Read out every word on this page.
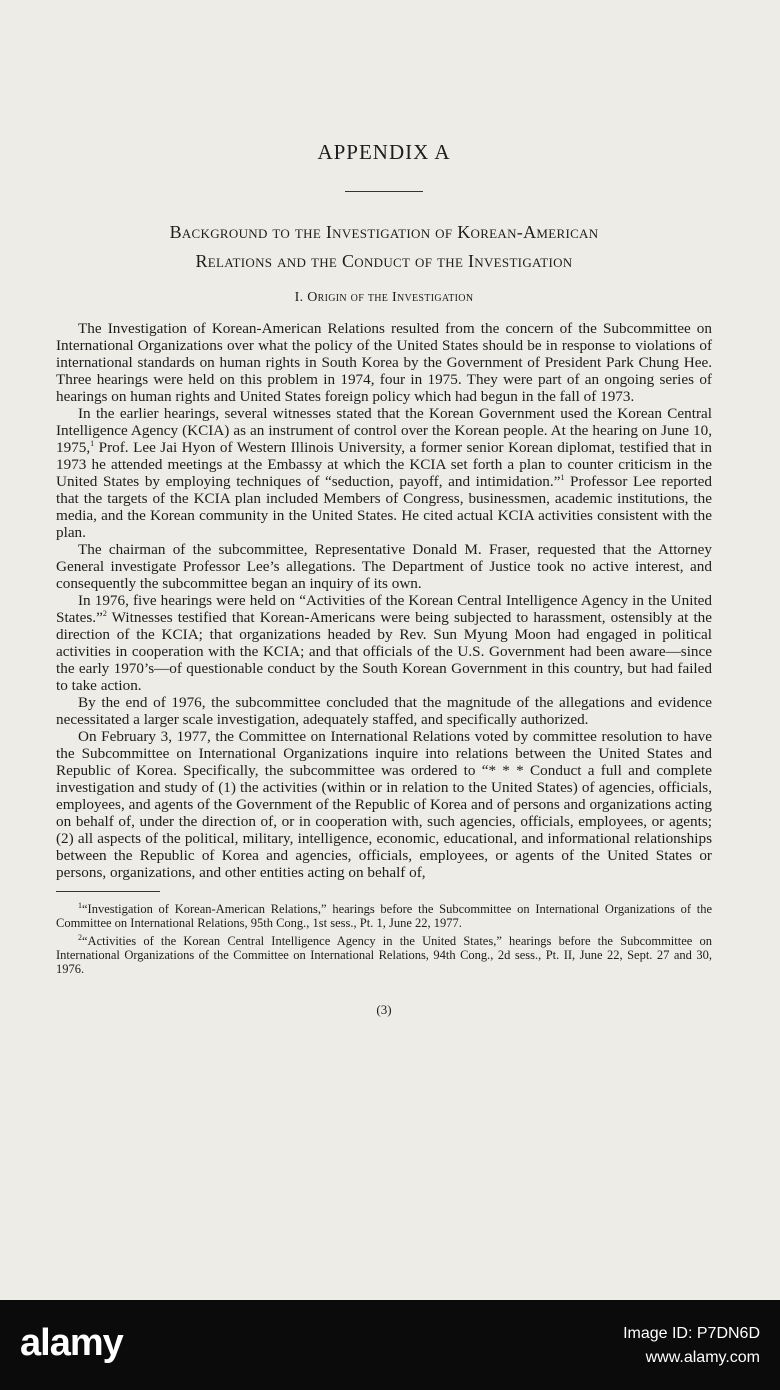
APPENDIX A
Background to the Investigation of Korean-American
Relations and the Conduct of the Investigation
I. Origin of the Investigation

The Investigation of Korean-American Relations resulted from the concern of the Subcommittee on International Organizations over what the policy of the United States should be in response to violations of international standards on human rights in South Korea by the Government of President Park Chung Hee. Three hearings were held on this problem in 1974, four in 1975. They were part of an ongoing series of hearings on human rights and United States foreign policy which had begun in the fall of 1973.

In the earlier hearings, several witnesses stated that the Korean Government used the Korean Central Intelligence Agency (KCIA) as an instrument of control over the Korean people. At the hearing on June 10, 1975,$^1$ Prof. Lee Jai Hyon of Western Illinois University, a former senior Korean diplomat, testified that in 1973 he attended meetings at the Embassy at which the KCIA set forth a plan to counter criticism in the United States by employing techniques of “seduction, payoff, and intimidation.”$^1$ Professor Lee reported that the targets of the KCIA plan included Members of Congress, businessmen, academic institutions, the media, and the Korean community in the United States. He cited actual KCIA activities consistent with the plan.

The chairman of the subcommittee, Representative Donald M. Fraser, requested that the Attorney General investigate Professor Lee’s allegations. The Department of Justice took no active interest, and consequently the subcommittee began an inquiry of its own.

In 1976, five hearings were held on “Activities of the Korean Central Intelligence Agency in the United States.”$^2$ Witnesses testified that Korean-Americans were being subjected to harassment, ostensibly at the direction of the KCIA; that organizations headed by Rev. Sun Myung Moon had engaged in political activities in cooperation with the KCIA; and that officials of the U.S. Government had been aware—since the early 1970’s—of questionable conduct by the South Korean Government in this country, but had failed to take action.

By the end of 1976, the subcommittee concluded that the magnitude of the allegations and evidence necessitated a larger scale investigation, adequately staffed, and specifically authorized.

On February 3, 1977, the Committee on International Relations voted by committee resolution to have the Subcommittee on International Organizations inquire into relations between the United States and Republic of Korea. Specifically, the subcommittee was ordered to “* * * Conduct a full and complete investigation and study of (1) the activities (within or in relation to the United States) of agencies, officials, employees, and agents of the Government of the Republic of Korea and of persons and organizations acting on behalf of, under the direction of, or in cooperation with, such agencies, officials, employees, or agents; (2) all aspects of the political, military, intelligence, economic, educational, and informational relationships between the Republic of Korea and agencies, officials, employees, or agents of the United States or persons, organizations, and other entities acting on behalf of,

$^1$“Investigation of Korean-American Relations,” hearings before the Subcommittee on International Organizations of the Committee on International Relations, 95th Cong., 1st sess., Pt. 1, June 22, 1977.

$^2$“Activities of the Korean Central Intelligence Agency in the United States,” hearings before the Subcommittee on International Organizations of the Committee on International Relations, 94th Cong., 2d sess., Pt. II, June 22, Sept. 27 and 30, 1976.

(3)
alamy	Image ID: P7DN6D
www.alamy.com
